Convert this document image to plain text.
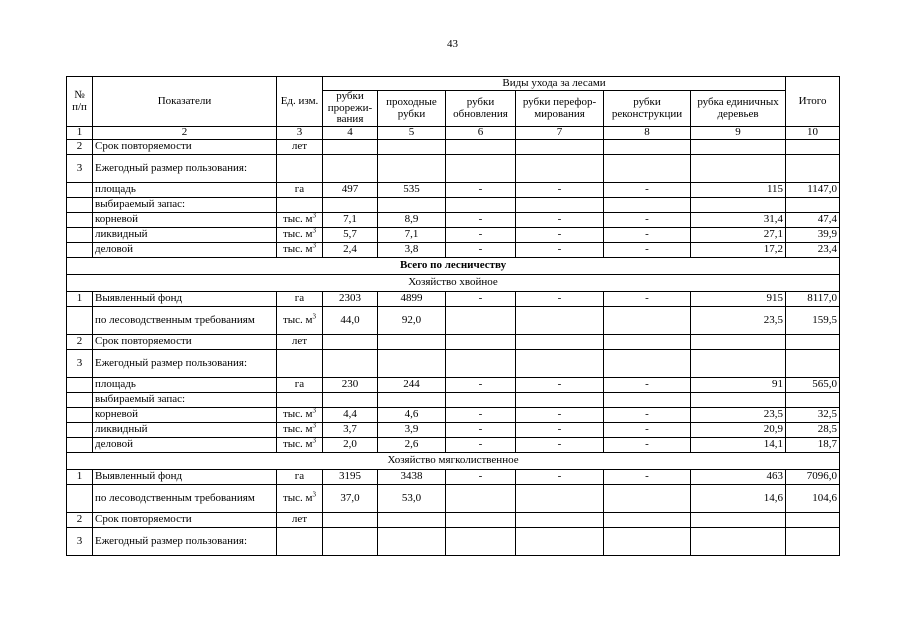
43
№ п/п	Показатели	Ед. изм.	Виды ухода за лесами						Итого
			рубки прорежи-вания	проходные рубки	рубки обновления	рубки перефор-мирования	рубки реконструкции	рубка единичных деревьев	
1	2	3	4	5	6	7	8	9	10
2	Срок повторяемости	лет							
3	Ежегодный размер пользования:								
	площадь	га	497	535	-	-	-	115	1147,0
	выбираемый запас:								
	корневой	тыс. $м^3$	7,1	8,9	-	-	-	31,4	47,4
	ликвидный	тыс. $м^3$	5,7	7,1	-	-	-	27,1	39,9
	деловой	тыс. $м^3$	2,4	3,8	-	-	-	17,2	23,4
Всего по лесничеству									
Хозяйство хвойное									
1	Выявленный фонд	га	2303	4899	-	-	-	915	8117,0
	по лесоводственным требованиям	тыс. $м^3$	44,0	92,0				23,5	159,5
2	Срок повторяемости	лет							
3	Ежегодный размер пользования:								
	площадь	га	230	244	-	-	-	91	565,0
	выбираемый запас:								
	корневой	тыс. $м^3$	4,4	4,6	-	-	-	23,5	32,5
	ликвидный	тыс. $м^3$	3,7	3,9	-	-	-	20,9	28,5
	деловой	тыс. $м^3$	2,0	2,6	-	-	-	14,1	18,7
Хозяйство мягколиственное									
1	Выявленный фонд	га	3195	3438	-	-	-	463	7096,0
	по лесоводственным требованиям	тыс. $м^3$	37,0	53,0				14,6	104,6
2	Срок повторяемости	лет							
3	Ежегодный размер пользования:								
